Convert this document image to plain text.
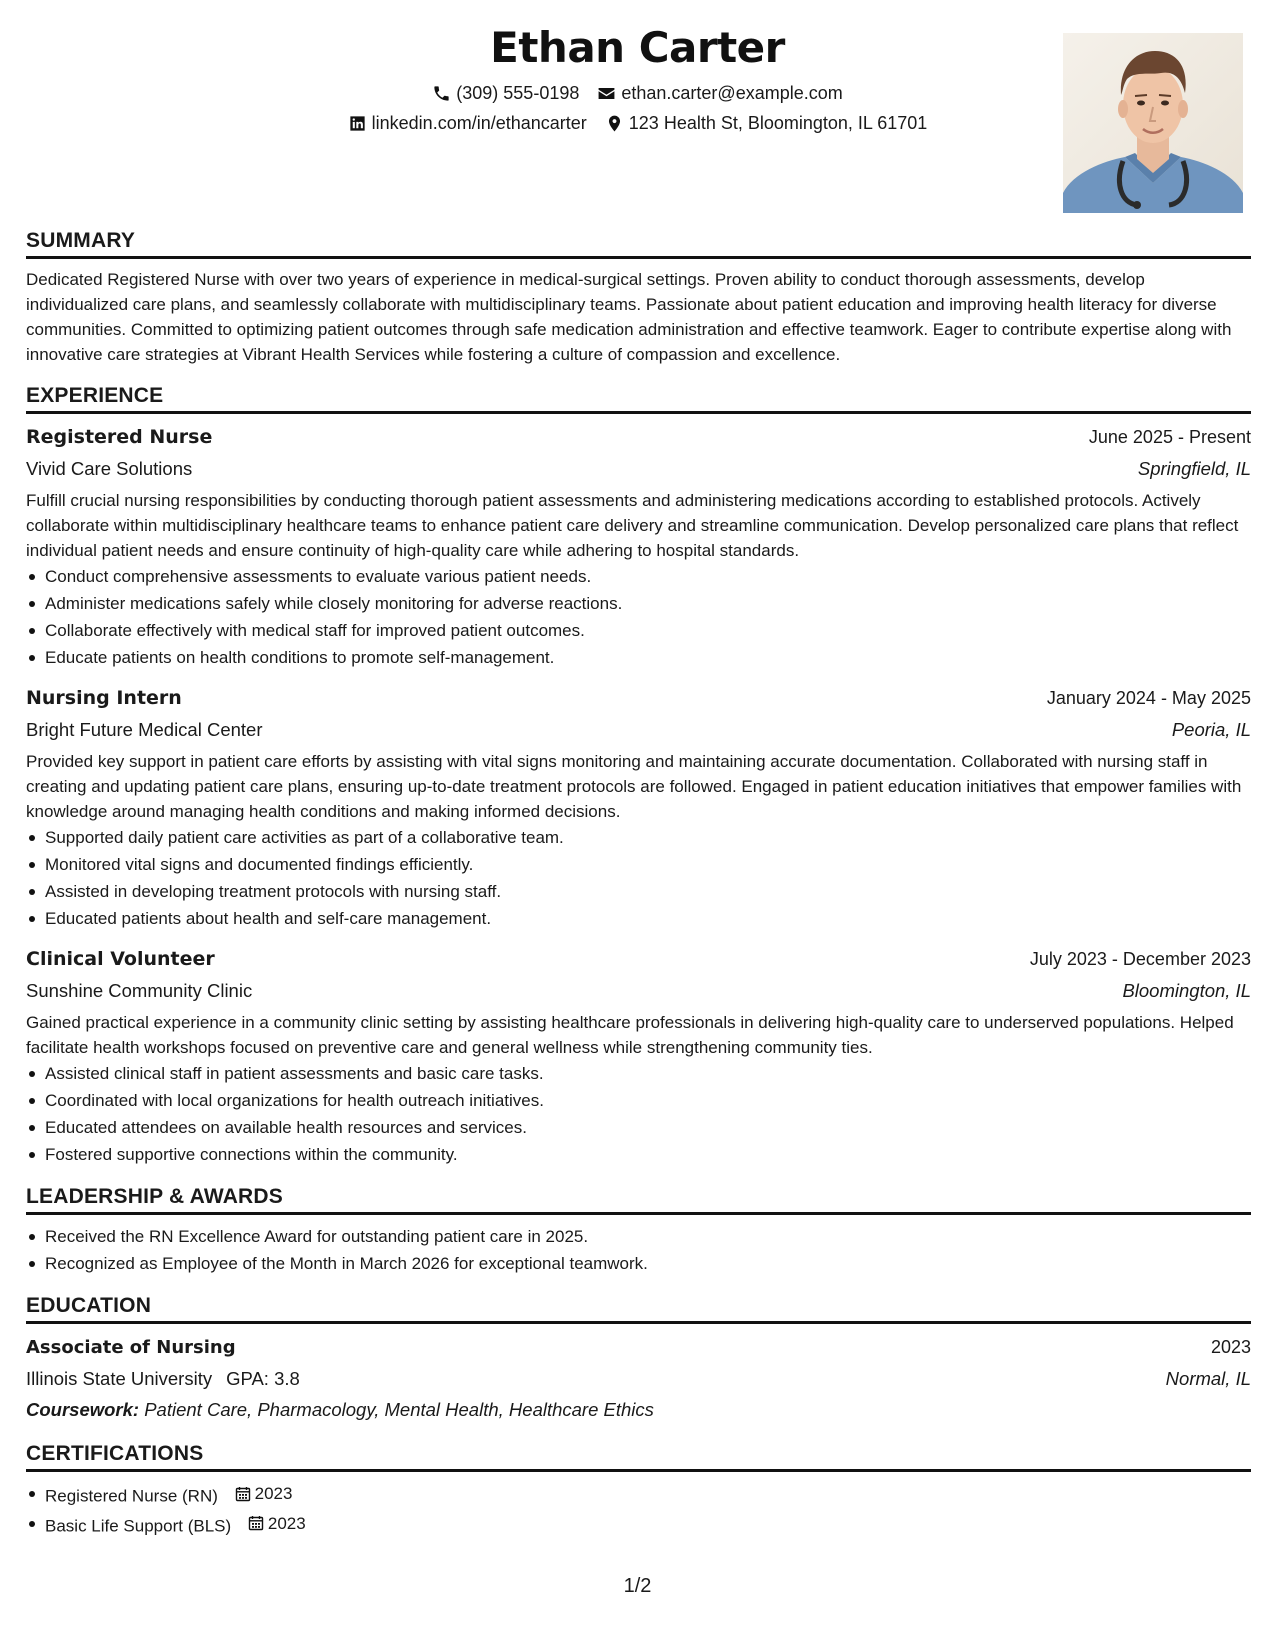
Ethan Carter
(309) 555-0198 ethan.carter@example.com
linkedin.com/in/ethancarter 123 Health St, Bloomington, IL 61701
SUMMARY
Dedicated Registered Nurse with over two years of experience in medical-surgical settings. Proven ability to conduct thorough assessments, develop individualized care plans, and seamlessly collaborate with multidisciplinary teams. Passionate about patient education and improving health literacy for diverse communities. Committed to optimizing patient outcomes through safe medication administration and effective teamwork. Eager to contribute expertise along with innovative care strategies at Vibrant Health Services while fostering a culture of compassion and excellence.
EXPERIENCE
Registered Nurse	June 2025 - Present
Vivid Care Solutions	Springfield, IL
Fulfill crucial nursing responsibilities by conducting thorough patient assessments and administering medications according to established protocols. Actively collaborate within multidisciplinary healthcare teams to enhance patient care delivery and streamline communication. Develop personalized care plans that reflect individual patient needs and ensure continuity of high-quality care while adhering to hospital standards.
Conduct comprehensive assessments to evaluate various patient needs.
Administer medications safely while closely monitoring for adverse reactions.
Collaborate effectively with medical staff for improved patient outcomes.
Educate patients on health conditions to promote self-management.
Nursing Intern	January 2024 - May 2025
Bright Future Medical Center	Peoria, IL
Provided key support in patient care efforts by assisting with vital signs monitoring and maintaining accurate documentation. Collaborated with nursing staff in creating and updating patient care plans, ensuring up-to-date treatment protocols are followed. Engaged in patient education initiatives that empower families with knowledge around managing health conditions and making informed decisions.
Supported daily patient care activities as part of a collaborative team.
Monitored vital signs and documented findings efficiently.
Assisted in developing treatment protocols with nursing staff.
Educated patients about health and self-care management.
Clinical Volunteer	July 2023 - December 2023
Sunshine Community Clinic	Bloomington, IL
Gained practical experience in a community clinic setting by assisting healthcare professionals in delivering high-quality care to underserved populations. Helped facilitate health workshops focused on preventive care and general wellness while strengthening community ties.
Assisted clinical staff in patient assessments and basic care tasks.
Coordinated with local organizations for health outreach initiatives.
Educated attendees on available health resources and services.
Fostered supportive connections within the community.
LEADERSHIP & AWARDS
Received the RN Excellence Award for outstanding patient care in 2025.
Recognized as Employee of the Month in March 2026 for exceptional teamwork.
EDUCATION
Associate of Nursing	2023
Illinois State University GPA: 3.8	Normal, IL
Coursework: Patient Care, Pharmacology, Mental Health, Healthcare Ethics
CERTIFICATIONS
Registered Nurse (RN) 2023
Basic Life Support (BLS) 2023
1/2
